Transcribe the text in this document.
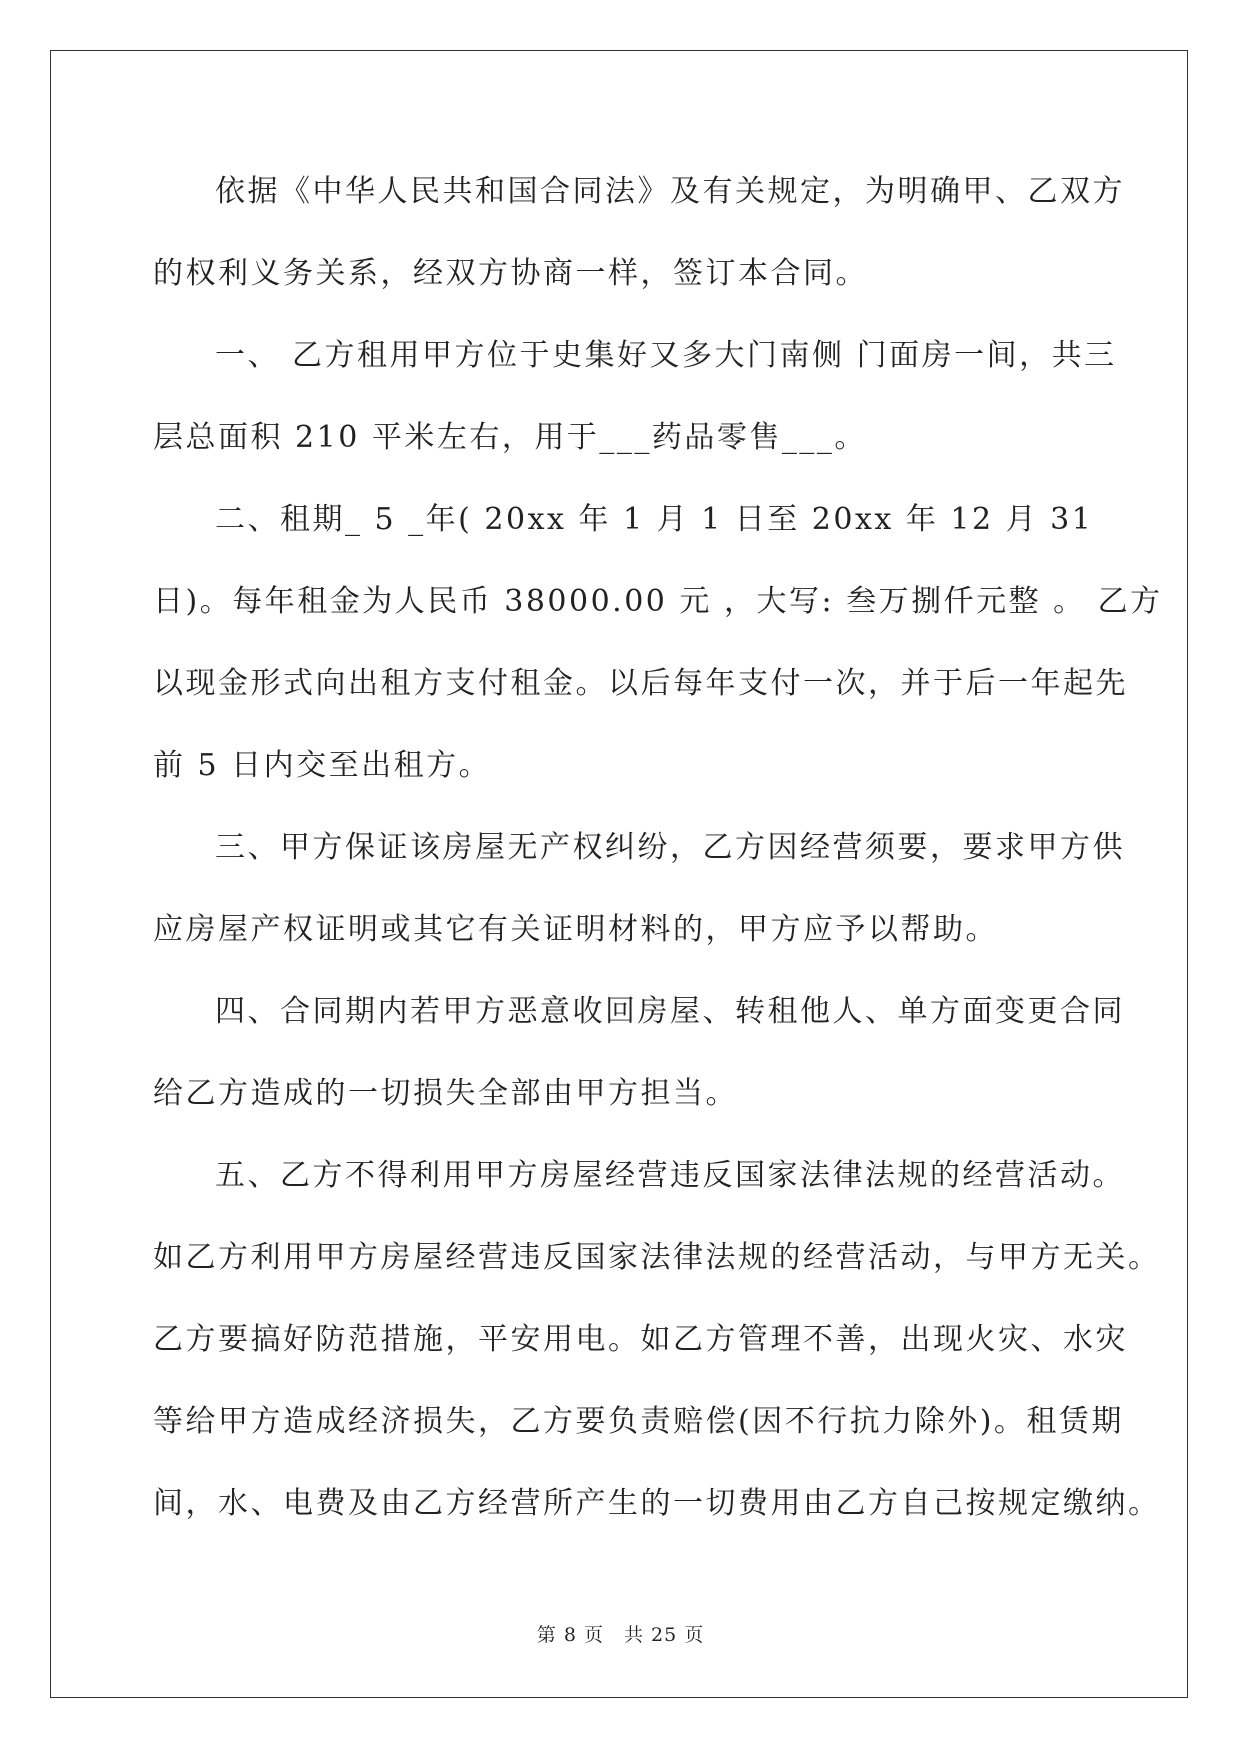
依据《中华人民共和国合同法》及有关规定，为明确甲、乙双方
的权利义务关系，经双方协商一样，签订本合同。
一、 乙方租用甲方位于史集好又多大门南侧 门面房一间，共三
层总面积 210 平米左右，用于___药品零售___。
二、租期_ 5 _年( 20xx 年 1 月 1 日至 20xx 年 12 月 31
日)。每年租金为人民币 38000.00 元 ，大写: 叁万捌仟元整 。 乙方
以现金形式向出租方支付租金。以后每年支付一次，并于后一年起先
前 5 日内交至出租方。
三、甲方保证该房屋无产权纠纷，乙方因经营须要，要求甲方供
应房屋产权证明或其它有关证明材料的，甲方应予以帮助。
四、合同期内若甲方恶意收回房屋、转租他人、单方面变更合同
给乙方造成的一切损失全部由甲方担当。
五、乙方不得利用甲方房屋经营违反国家法律法规的经营活动。
如乙方利用甲方房屋经营违反国家法律法规的经营活动，与甲方无关。
乙方要搞好防范措施，平安用电。如乙方管理不善，出现火灾、水灾
等给甲方造成经济损失，乙方要负责赔偿(因不行抗力除外)。租赁期
间，水、电费及由乙方经营所产生的一切费用由乙方自己按规定缴纳。
第 8 页　共 25 页
